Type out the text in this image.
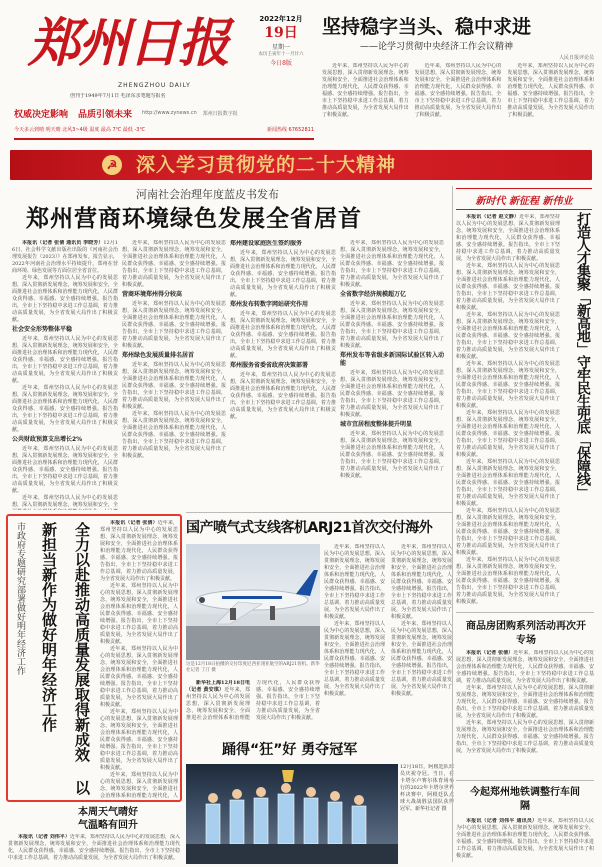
郑州日报
ZHENGZHOU DAILY
创刊于1949年7月1日 毛泽东亲笔题写报名
2022年12月
19日
星期一
农历壬寅年十一月廿六
今日8版
权威决定影响 品质引领未来 http://www.zynews.cn 郑州日报数字报
今天多云到晴 明天晴 北风3~4级 温度 最高 7℃ 最低 -3℃	新闻热线 67652811
坚持稳字当头、稳中求进
——论学习贯彻中央经济工作会议精神
人民日报评论员

近年来，郑州坚持以人民为中心的发展思想，深入贯彻新发展理念，统筹发展和安全，全面推进社会治理体系和治理能力现代化，人民群众获得感、幸福感、安全感持续增强。报告指出，全市上下坚持稳中求进工作总基调，着力推动高质量发展，为全省发展大局作出了积极贡献。

近年来，郑州坚持以人民为中心的发展思想，深入贯彻新发展理念，统筹发展和安全，全面推进社会治理体系和治理能力现代化，人民群众获得感、幸福感、安全感持续增强。报告指出，全市上下坚持稳中求进工作总基调，着力推动高质量发展，为全省发展大局作出了积极贡献。

近年来，郑州坚持以人民为中心的发展思想，深入贯彻新发展理念，统筹发展和安全，全面推进社会治理体系和治理能力现代化，人民群众获得感、幸福感、安全感持续增强。报告指出，全市上下坚持稳中求进工作总基调，着力推动高质量发展，为全省发展大局作出了积极贡献。

☭ 深入学习贯彻党的二十大精神
河南社会治理年度蓝皮书发布
郑州营商环境绿色发展全省居首

本报讯（记者 张倩 通讯员 李晓芳）12月16日，社会科学文献出版社出版的《河南社会治理发展报告（2023）》在郑州发布。报告显示，2022年河南社会治理水平持续提升，郑州在营商环境、绿色发展等方面位居全省首位。

近年来，郑州坚持以人民为中心的发展思想，深入贯彻新发展理念，统筹发展和安全，全面推进社会治理体系和治理能力现代化，人民群众获得感、幸福感、安全感持续增强。报告指出，全市上下坚持稳中求进工作总基调，着力推动高质量发展，为全省发展大局作出了积极贡献。

社会安全形势整体平稳

近年来，郑州坚持以人民为中心的发展思想，深入贯彻新发展理念，统筹发展和安全，全面推进社会治理体系和治理能力现代化，人民群众获得感、幸福感、安全感持续增强。报告指出，全市上下坚持稳中求进工作总基调，着力推动高质量发展，为全省发展大局作出了积极贡献。

近年来，郑州坚持以人民为中心的发展思想，深入贯彻新发展理念，统筹发展和安全，全面推进社会治理体系和治理能力现代化，人民群众获得感、幸福感、安全感持续增强。报告指出，全市上下坚持稳中求进工作总基调，着力推动高质量发展，为全省发展大局作出了积极贡献。

公共财政预算支出增长2%

近年来，郑州坚持以人民为中心的发展思想，深入贯彻新发展理念，统筹发展和安全，全面推进社会治理体系和治理能力现代化，人民群众获得感、幸福感、安全感持续增强。报告指出，全市上下坚持稳中求进工作总基调，着力推动高质量发展，为全省发展大局作出了积极贡献。

近年来，郑州坚持以人民为中心的发展思想，深入贯彻新发展理念，统筹发展和安全，全

近年来，郑州坚持以人民为中心的发展思想，深入贯彻新发展理念，统筹发展和安全，全面推进社会治理体系和治理能力现代化，人民群众获得感、幸福感、安全感持续增强。报告指出，全市上下坚持稳中求进工作总基调，着力推动高质量发展，为全省发展大局作出了积极贡献。

营商环境郑州得分较高

近年来，郑州坚持以人民为中心的发展思想，深入贯彻新发展理念，统筹发展和安全，全面推进社会治理体系和治理能力现代化，人民群众获得感、幸福感、安全感持续增强。报告指出，全市上下坚持稳中求进工作总基调，着力推动高质量发展，为全省发展大局作出了积极贡献。

郑州绿色发展质量排名居首

近年来，郑州坚持以人民为中心的发展思想，深入贯彻新发展理念，统筹发展和安全，全面推进社会治理体系和治理能力现代化，人民群众获得感、幸福感、安全感持续增强。报告指出，全市上下坚持稳中求进工作总基调，着力推动高质量发展，为全省发展大局作出了积极贡献。

近年来，郑州坚持以人民为中心的发展思想，深入贯彻新发展理念，统筹发展和安全，全面推进社会治理体系和治理能力现代化，人民群众获得感、幸福感、安全感持续增强。报告指出，全市上下坚持稳中求进工作总基调，着力推动高质量发展，为全省发展大局作出了积极贡献。

郑州建设家庭医生签约服务

近年来，郑州坚持以人民为中心的发展思想，深入贯彻新发展理念，统筹发展和安全，全面推进社会治理体系和治理能力现代化，人民群众获得感、幸福感、安全感持续增强。报告指出，全市上下坚持稳中求进工作总基调，着力推动高质量发展，为全省发展大局作出了积极贡献。

郑州发布转数字网站研究作用

近年来，郑州坚持以人民为中心的发展思想，深入贯彻新发展理念，统筹发展和安全，全面推进社会治理体系和治理能力现代化，人民群众获得感、幸福感、安全感持续增强。报告指出，全市上下坚持稳中求进工作总基调，着力推动高质量发展，为全省发展大局作出了积极贡献。

郑州服务省委省政府决策部署

近年来，郑州坚持以人民为中心的发展思想，深入贯彻新发展理念，统筹发展和安全，全面推进社会治理体系和治理能力现代化，人民群众获得感、幸福感、安全感持续增强。报告指出，全市上下坚持稳中求进工作总基调，着力推动高质量发展，为全省发展大局作出了积极贡献。

近年来，郑州坚持以人民为中心的发展思想，深入贯彻新发展理念，统筹发展和安全，全面推进社会治理体系和治理能力现代化，人民群众获得感、幸福感、安全感持续增强。报告指出，全市上下坚持稳中求进工作总基调，着力推动高质量发展，为全省发展大局作出了积极贡献。

全省数字经济规模超万亿

近年来，郑州坚持以人民为中心的发展思想，深入贯彻新发展理念，统筹发展和安全，全面推进社会治理体系和治理能力现代化，人民群众获得感、幸福感、安全感持续增强。报告指出，全市上下坚持稳中求进工作总基调，着力推动高质量发展，为全省发展大局作出了积极贡献。

郑州发布等省级多新国际试验区转入动能

近年来，郑州坚持以人民为中心的发展思想，深入贯彻新发展理念，统筹发展和安全，全面推进社会治理体系和治理能力现代化，人民群众获得感、幸福感、安全感持续增强。报告指出，全市上下坚持稳中求进工作总基调，着力推动高质量发展，为全省发展大局作出了积极贡献。

城市宜居程度整体提升明显

近年来，郑州坚持以人民为中心的发展思想，深入贯彻新发展理念，统筹发展和安全，全面推进社会治理体系和治理能力现代化，人民群众获得感、幸福感、安全感持续增强。报告指出，全市上下坚持稳中求进工作总基调，着力推动高质量发展，为全省发展大局作出了积极贡献。

新时代 新征程 新伟业

本报讯（记者 赵文静）近年来，郑州坚持以人民为中心的发展思想，深入贯彻新发展理念，统筹发展和安全，全面推进社会治理体系和治理能力现代化，人民群众获得感、幸福感、安全感持续增强。报告指出，全市上下坚持稳中求进工作总基调，着力推动高质量发展，为全省发展大局作出了积极贡献。

近年来，郑州坚持以人民为中心的发展思想，深入贯彻新发展理念，统筹发展和安全，全面推进社会治理体系和治理能力现代化，人民群众获得感、幸福感、安全感持续增强。报告指出，全市上下坚持稳中求进工作总基调，着力推动高质量发展，为全省发展大局作出了积极贡献。

近年来，郑州坚持以人民为中心的发展思想，深入贯彻新发展理念，统筹发展和安全，全面推进社会治理体系和治理能力现代化，人民群众获得感、幸福感、安全感持续增强。报告指出，全市上下坚持稳中求进工作总基调，着力推动高质量发展，为全省发展大局作出了积极贡献。

近年来，郑州坚持以人民为中心的发展思想，深入贯彻新发展理念，统筹发展和安全，全面推进社会治理体系和治理能力现代化，人民群众获得感、幸福感、安全感持续增强。报告指出，全市上下坚持稳中求进工作总基调，着力推动高质量发展，为全省发展大局作出了积极贡献。

近年来，郑州坚持以人民为中心的发展思想，深入贯彻新发展理念，统筹发展和安全，全面推进社会治理体系和治理能力现代化，人民群众获得感、幸福感、安全感持续增强。报告指出，全市上下坚持稳中求进工作总基调，着力推动高质量发展，为全省发展大局作出了积极贡献。

近年来，郑州坚持以人民为中心的发展思想，深入贯彻新发展理念，统筹发展和安全，全面推进社会治理体系和治理能力现代化，人民群众获得感、幸福感、安全感持续增强。报告指出，全市上下坚持稳中求进工作总基调，着力推动高质量发展，为全省发展大局作出了积极贡献。

近年来，郑州坚持以人民为中心的发展思想，深入贯彻新发展理念，统筹发展和安全，全面推进社会治理体系和治理能力现代化，人民群众获得感、幸福感、安全感持续增强。报告指出，全市上下坚持稳中求进工作总基调，着力推动高质量发展，为全省发展大局作出了积极贡献。

近年来，郑州坚持以人民为中心的发展思想，深入贯彻新发展理念，统筹发展和安全，全面推进社会治理体系和治理能力现代化，人民群众获得感、幸福感、安全感持续增强。报告指出，全市上下坚持稳中求进工作总基调，着力推动高质量发展，为全省发展大局作出了积极贡献。

打造人才集聚「新高地」守牢民生兜底「保障线」
市政府专题研究部署做好明年经济工作	全力以赴推动高质量发展取得新成效 以新担当新作为做好明年经济工作	本报讯（记者 张倩）近年来，郑州坚持以人民为中心的发展思想，深入贯彻新发展理念，统筹发展和安全，全面推进社会治理体系和治理能力现代化，人民群众获得感、幸福感、安全感持续增强。报告指出，全市上下坚持稳中求进工作总基调，着力推动高质量发展，为全省发展大局作出了积极贡献。

近年来，郑州坚持以人民为中心的发展思想，深入贯彻新发展理念，统筹发展和安全，全面推进社会治理体系和治理能力现代化，人民群众获得感、幸福感、安全感持续增强。报告指出，全市上下坚持稳中求进工作总基调，着力推动高质量发展，为全省发展大局作出了积极贡献。

近年来，郑州坚持以人民为中心的发展思想，深入贯彻新发展理念，统筹发展和安全，全面推进社会治理体系和治理能力现代化，人民群众获得感、幸福感、安全感持续增强。报告指出，全市上下坚持稳中求进工作总基调，着力推动高质量发展，为全省发展大局作出了积极贡献。

近年来，郑州坚持以人民为中心的发展思想，深入贯彻新发展理念，统筹发展和安全，全面推进社会治理体系和治理能力现代化，人民群众获得感、幸福感、安全感持续增强。报告指出，全市上下坚持稳中求进工作总基调，着力推动高质量发展，为全省发展大局作出了积极贡献。

近年来，郑州坚持以人民为中心的发展思想，深入贯彻新发展理念，统筹发展和安全，全面推进社会治理体系和治理能力现代化，人

国产喷气式支线客机ARJ21首次交付海外
这是12月18日拍摄的交付印度尼西亚翎亚航空的ARJ21客机。新华社记者 丁汀 摄

新华社上海12月18日电（记者 黄安琪）近年来，郑州坚持以人民为中心的发展思想，深入贯彻新发展理念，统筹发展和安全，全面推进社会治理体系和治理能力现代化，人民群众获得感、幸福感、安全感持续增强。报告指出，全市上下坚持稳中求进工作总基调，着力推动高质量发展，为全省发展大局作出了积极贡献。

近年来，郑州坚持以人民为中心的发展思想，深入贯彻新发展理念，统筹发展和安全，全面推进社会治理体系和治理能力现代化，人民群众获得感、幸福感、安全感持续增强。报告指出，全市上下坚持稳中求进工作总基调，着力推动高质量发展，为全省发展大局作出了积极贡献。

近年来，郑州坚持以人民为中心的发展思想，深入贯彻新发展理念，统筹发展和安全，全面推进社会治理体系和治理能力现代化，人民群众获得感、幸福感、安全感持续增强。报告指出，全市上下坚持稳中求进工作总基调，着力推动高质量发展，为全省发展大局作出了积极贡献。

近年来，郑州坚持以人民为中心的发展思想，深入贯彻新发展理念，统筹发展和安全，全面推进社会治理体系和治理能力现代化，人民群众获得感、幸福感、安全感持续增强。报告指出，全市上下坚持稳中求进工作总基调，着力推动高质量发展，为全省发展大局作出了积极贡献。

近年来，郑州坚持以人民为中心的发展思想，深入贯彻新发展理念，统筹发展和安全，全面推进社会治理体系和治理能力现代化，人民群众获得感、幸福感、安全感持续增强。报告指出，全市上下坚持稳中求进工作总基调，着力推动高质量发展，为全省发展大局作出了积极贡献。

商品房团购系列活动再次开专场

本报讯（记者 张倩）近年来，郑州坚持以人民为中心的发展思想，深入贯彻新发展理念，统筹发展和安全，全面推进社会治理体系和治理能力现代化，人民群众获得感、幸福感、安全感持续增强。报告指出，全市上下坚持稳中求进工作总基调，着力推动高质量发展，为全省发展大局作出了积极贡献。

近年来，郑州坚持以人民为中心的发展思想，深入贯彻新发展理念，统筹发展和安全，全面推进社会治理体系和治理能力现代化，人民群众获得感、幸福感、安全感持续增强。报告指出，全市上下坚持稳中求进工作总基调，着力推动高质量发展，为全省发展大局作出了积极贡献。

近年来，郑州坚持以人民为中心的发展思想，深入贯彻新发展理念，统筹发展和安全，全面推进社会治理体系和治理能力现代化，人民群众获得感、幸福感、安全感持续增强。报告指出，全市上下坚持稳中求进工作总基调，着力推动高质量发展，为全省发展大局作出了积极贡献。

踊得“狂”好 勇夺冠军
12月18日，阿根廷队球员庆祝夺冠。当日，在卡塔尔卢赛尔体育场举行的2022年卡塔尔世界杯决赛中，阿根廷队点球大战战胜法国队获得冠军。新华社记者 摄
本周天气晴好
气温略有回升

本报讯（记者 刘伟平）近年来，郑州坚持以人民为中心的发展思想，深入贯彻新发展理念，统筹发展和安全，全面推进社会治理体系和治理能力现代化，人民群众获得感、幸福感、安全感持续增强。报告指出，全市上下坚持稳中求进工作总基调，着力推动高质量发展，为全省发展大局作出了积极贡献。

今起郑州地铁调整行车间隔

本报讯（记者 刘伟平 通讯员）近年来，郑州坚持以人民为中心的发展思想，深入贯彻新发展理念，统筹发展和安全，全面推进社会治理体系和治理能力现代化，人民群众获得感、幸福感、安全感持续增强。报告指出，全市上下坚持稳中求进工作总基调，着力推动高质量发展，为全省发展大局作出了积极贡献。
